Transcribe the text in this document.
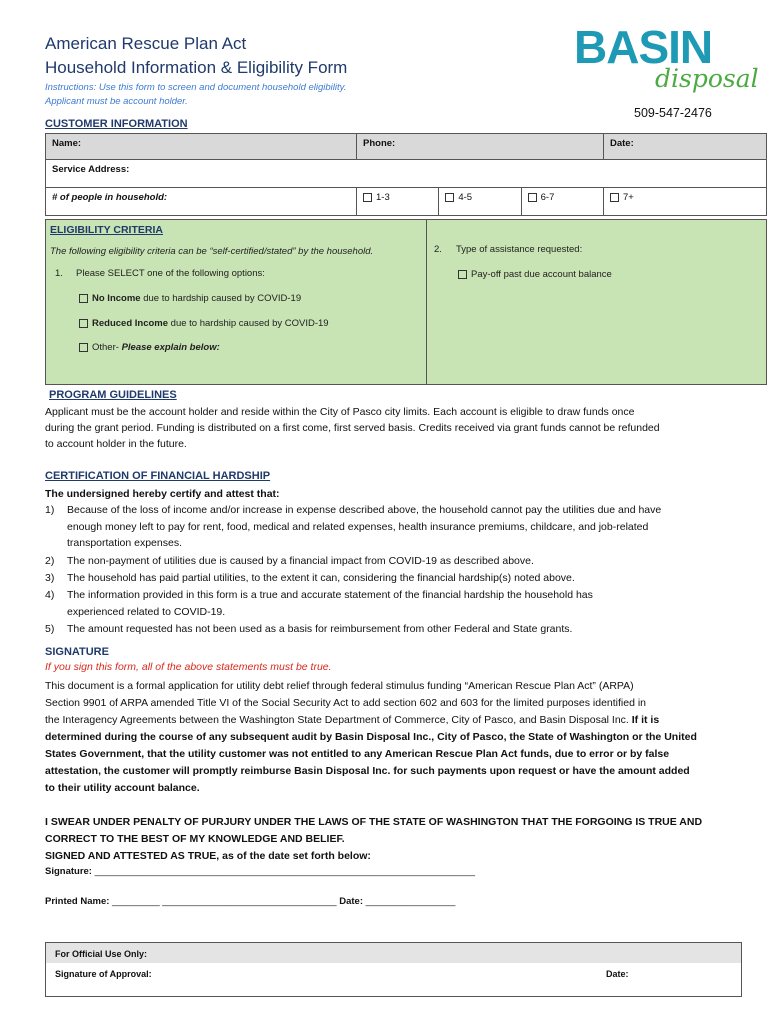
American Rescue Plan Act
Household Information & Eligibility Form
Instructions: Use this form to screen and document household eligibility.
Applicant must be account holder.
BASIN
disposal
509-547-2476
CUSTOMER INFORMATION
Name:	Phone:			Date:
Service Address:				
# of people in household:	1-3	4-5	6-7	7+
ELIGIBILITY CRITERIA
The following eligibility criteria can be “self-certified/stated” by the household.
1. Please SELECT one of the following options:
No Income due to hardship caused by COVID-19
Reduced Income due to hardship caused by COVID-19
Other- Please explain below:
2. Type of assistance requested:
Pay-off past due account balance
PROGRAM GUIDELINES
Applicant must be the account holder and reside within the City of Pasco city limits. Each account is eligible to draw funds once
during the grant period. Funding is distributed on a first come, first served basis. Credits received via grant funds cannot be refunded
to account holder in the future.
CERTIFICATION OF FINANCIAL HARDSHIP
The undersigned hereby certify and attest that:
1) Because of the loss of income and/or increase in expense described above, the household cannot pay the utilities due and have
enough money left to pay for rent, food, medical and related expenses, health insurance premiums, childcare, and job-related
transportation expenses.
2) The non-payment of utilities due is caused by a financial impact from COVID-19 as described above.
3) The household has paid partial utilities, to the extent it can, considering the financial hardship(s) noted above.
4) The information provided in this form is a true and accurate statement of the financial hardship the household has
experienced related to COVID-19.
5) The amount requested has not been used as a basis for reimbursement from other Federal and State grants.
SIGNATURE
If you sign this form, all of the above statements must be true.
This document is a formal application for utility debt relief through federal stimulus funding “American Rescue Plan Act” (ARPA)
Section 9901 of ARPA amended Title VI of the Social Security Act to add section 602 and 603 for the limited purposes identified in
the Interagency Agreements between the Washington State Department of Commerce, City of Pasco, and Basin Disposal Inc. If it is
determined during the course of any subsequent audit by Basin Disposal Inc., City of Pasco, the State of Washington or the United
States Government, that the utility customer was not entitled to any American Rescue Plan Act funds, due to error or by false
attestation, the customer will promptly reimburse Basin Disposal Inc. for such payments upon request or have the amount added
to their utility account balance.
I SWEAR UNDER PENALTY OF PURJURY UNDER THE LAWS OF THE STATE OF WASHINGTON THAT THE FORGOING IS TRUE AND
CORRECT TO THE BEST OF MY KNOWLEDGE AND BELIEF.
SIGNED AND ATTESTED AS TRUE, as of the date set forth below:
Signature: ________________________________________________________________________
Printed Name: _________ _________________________________ Date: _________________
For Official Use Only:
Signature of Approval:	Date:
